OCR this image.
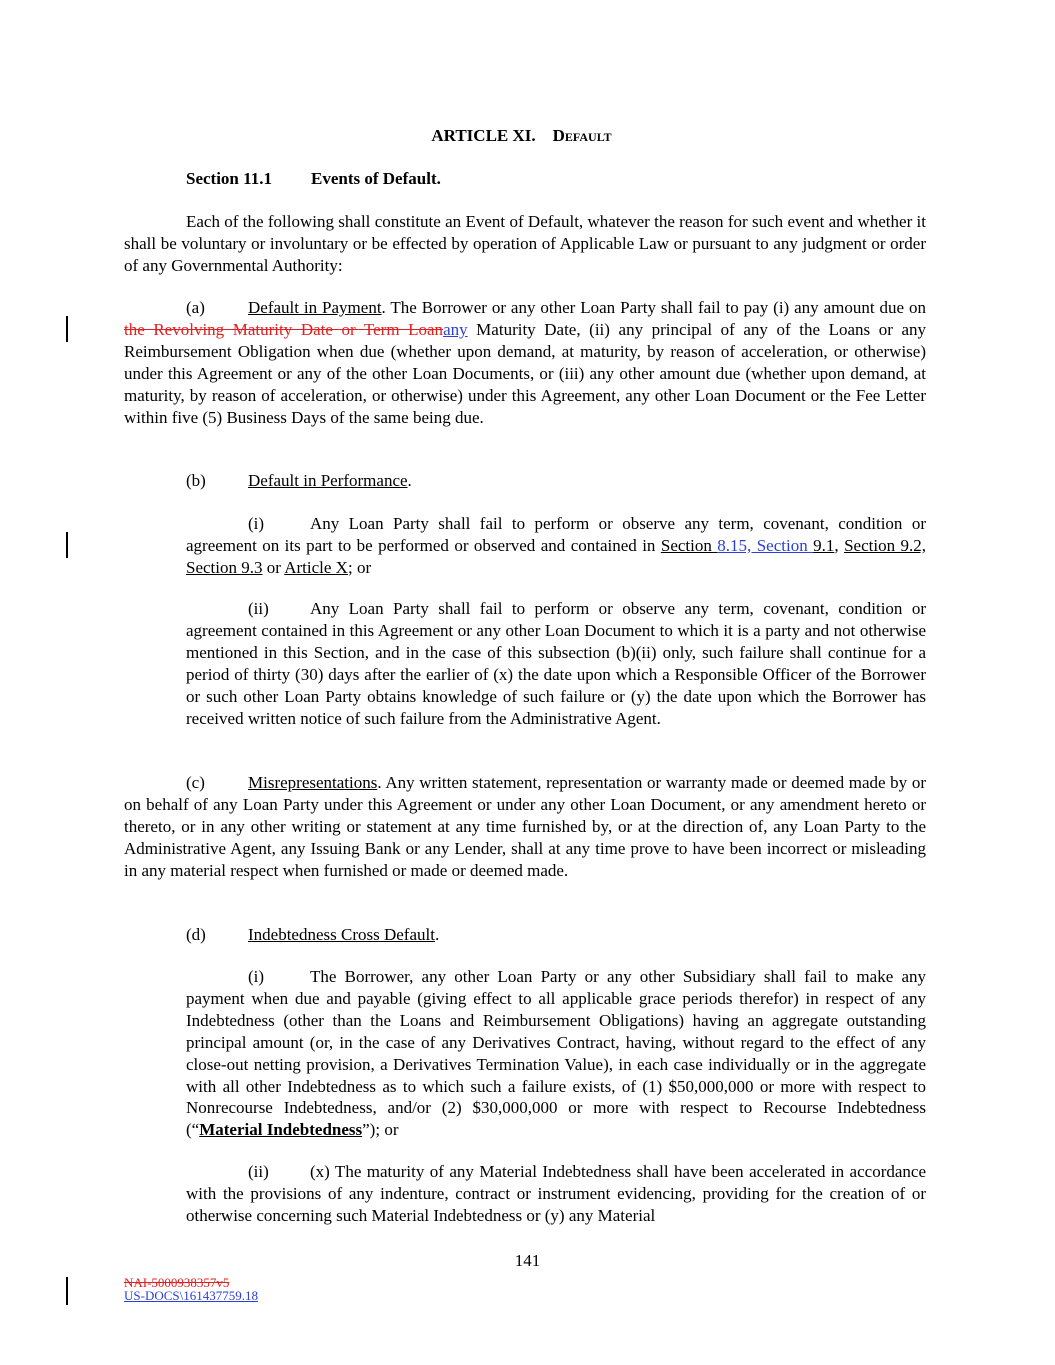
ARTICLE XI. Default
Section 11.1 Events of Default.

Each of the following shall constitute an Event of Default, whatever the reason for such event and whether it shall be voluntary or involuntary or be effected by operation of Applicable Law or pursuant to any judgment or order of any Governmental Authority:

(a)	Default in Payment. The Borrower or any other Loan Party shall fail to pay (i) any amount due on the Revolving Maturity Date or Term Loanany Maturity Date, (ii) any principal of any of the Loans or any Reimbursement Obligation when due (whether upon demand, at maturity, by reason of acceleration, or otherwise) under this Agreement or any of the other Loan Documents, or (iii) any other amount due (whether upon demand, at maturity, by reason of acceleration, or otherwise) under this Agreement, any other Loan Document or the Fee Letter within five (5) Business Days of the same being due.

(b) Default in Performance.

(i)	Any Loan Party shall fail to perform or observe any term, covenant, condition or agreement on its part to be performed or observed and contained in Section 8.15, Section 9.1, Section 9.2, Section 9.3 or Article X; or

(ii) Any Loan Party shall fail to perform or observe any term, covenant, condition or agreement contained in this Agreement or any other Loan Document to which it is a party and not otherwise mentioned in this Section, and in the case of this subsection (b)(ii) only, such failure shall continue for a period of thirty (30) days after the earlier of (x) the date upon which a Responsible Officer of the Borrower or such other Loan Party obtains knowledge of such failure or (y) the date upon which the Borrower has received written notice of such failure from the Administrative Agent.

(c)	Misrepresentations. Any written statement, representation or warranty made or deemed made by or on behalf of any Loan Party under this Agreement or under any other Loan Document, or any amendment hereto or thereto, or in any other writing or statement at any time furnished by, or at the direction of, any Loan Party to the Administrative Agent, any Issuing Bank or any Lender, shall at any time prove to have been incorrect or misleading in any material respect when furnished or made or deemed made.

(d) Indebtedness Cross Default.

(i)	The Borrower, any other Loan Party or any other Subsidiary shall fail to make any payment when due and payable (giving effect to all applicable grace periods therefor) in respect of any Indebtedness (other than the Loans and Reimbursement Obligations) having an aggregate outstanding principal amount (or, in the case of any Derivatives Contract, having, without regard to the effect of any close-out netting provision, a Derivatives Termination Value), in each case individually or in the aggregate with all other Indebtedness as to which such a failure exists, of (1) $50,000,000 or more with respect to Nonrecourse Indebtedness, and/or (2) $30,000,000 or more with respect to Recourse Indebtedness (“Material Indebtedness”); or

(ii) (x) The maturity of any Material Indebtedness shall have been accelerated in accordance with the provisions of any indenture, contract or instrument evidencing, providing for the creation of or otherwise concerning such Material Indebtedness or (y) any Material

141
NAI-5000938357v5
US-DOCS\161437759.18
